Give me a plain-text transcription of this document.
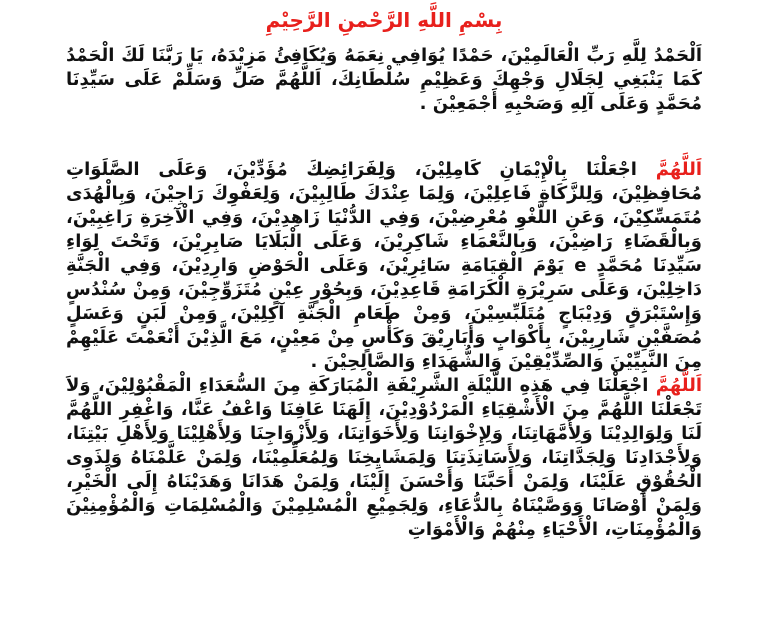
بِسْمِ اللَّهِ الرَّحْمنِ الرَّحِيْمِ

اَلْحَمْدُ لِلَّهِ رَبِّ الْعَالَمِيْنَ، حَمْدًا يُوَافِي نِعَمَهُ وَيُكَافِئُ مَزِيْدَهُ، يَا رَبَّنَا لَكَ الْحَمْدُ كَمَا يَنْبَغِي لِجَلَالِ وَجْهِكَ وَعَظِيْمِ سُلْطَانِكَ، اَللَّهُمَّ صَلِّ وَسَلِّمْ عَلَى سَيِّدِنَا مُحَمَّدٍ وَعَلَى آلِهِ وَصَحْبِهِ أَجْمَعِيْنَ .

اَللَّهُمَّ اجْعَلْنَا بِالْإِيْمَانِ كَامِلِيْنَ، وَلِفَرَائِضِكَ مُؤَدِّيْنَ، وَعَلَى الصَّلَوَاتِ مُحَافِظِيْنَ، وَلِلزَّكَاةِ فَاعِلِيْنَ، وَلِمَا عِنْدَكَ طَالِبِيْنَ، وَلِعَفْوِكَ رَاجِيْنَ، وَبِالْهُدَى مُتَمَسِّكِيْنَ، وَعَنِ اللَّغْوِ مُعْرِضِيْنَ، وَفِي الدُّنْيَا زَاهِدِيْنَ، وَفِي الْآخِرَةِ رَاغِبِيْنَ، وَبِالْقَضَاءِ رَاضِيْنَ، وَبِالنَّعْمَاءِ شَاكِرِيْنَ، وَعَلَى الْبَلَايَا صَابِرِيْنَ، وَتَحْتَ لِوَاءِ سَيِّدِنَا مُحَمَّدٍ e يَوْمَ الْقِيَامَةِ سَائِرِيْنَ، وَعَلَى الْحَوْضِ وَارِدِيْنَ، وَفِي الْجَنَّةِ دَاخِلِيْنَ، وَعَلَى سَرِيْرَةِ الْكَرَامَةِ قَاعِدِيْنَ، وَبِحُوْرٍ عِيْنٍ مُتَزَوِّجِيْنَ، وَمِنْ سُنْدُسٍ وَإِسْتَبْرَقٍ وَدِيْبَاجٍ مُتَلَبِّسِيْنَ، وَمِنْ طَعَامِ الْجَنَّةِ آكِلِيْنَ، وَمِنْ لَبَنٍ وَعَسَلٍ مُصَفَّيْنِ شَارِبِيْنَ، بِأَكْوَابٍ وَأَبَارِيْقَ وَكَأْسٍ مِنْ مَعِيْنٍ، مَعَ الَّذِيْنَ أَنْعَمْتَ عَلَيْهِمْ مِنَ النَّبِيِّيْنَ وَالصِّدِّيْقِيْنَ وَالشُّهَدَاءِ وَالصَّالِحِيْنَ .

اَللَّهُمَّ اجْعَلْنَا فِي هَذِهِ اللَّيْلَةِ الشَّرِيْفَةِ الْمُبَارَكَةِ مِنَ السُّعَدَاءِ الْمَقْبُوْلِيْنَ، وَلاَ تَجْعَلْنَا اللَّهُمَّ مِنَ الْأَشْقِيَاءِ الْمَرْدُوْدِيْنَ، إِلَهَنَا عَافِنَا وَاعْفُ عَنَّا، وَاغْفِرِ اللَّهُمَّ لَنَا وَلِوَالِدِيْنَا وَلِأُمَّهَاتِنَا، وَلِإِخْوَانِنَا وَلِأَخَوَاتِنَا، وَلِأَزْوَاجِنَا وَلِأَهْلِيْنَا وَلِأَهْلِ بَيْتِنَا، وَلِأَجْدَادِنَا وَلِجَدَّاتِنَا، وَلِأَسَاتِذَتِنَا وَلِمَشَايِخِنَا وَلِمُعَلِّمِيْنَا، وَلِمَنْ عَلَّمْنَاهُ وَلِذَوِى الْحُقُوْقِ عَلَيْنَا، وَلِمَنْ أَحَبَّنَا وَأَحْسَنَ إِلَيْنَا، وَلِمَنْ هَدَانَا وَهَدَيْنَاهُ إِلَى الْخَيْرِ، وَلِمَنْ أَوْصَانَا وَوَصَّيْنَاهُ بِالدُّعَاءِ، وَلِجَمِيْعِ الْمُسْلِمِيْنَ وَالْمُسْلِمَاتِ وَالْمُؤْمِنِيْنَ وَالْمُؤْمِنَاتِ، الْأَحْيَاءِ مِنْهُمْ وَالْأَمْوَاتِ
